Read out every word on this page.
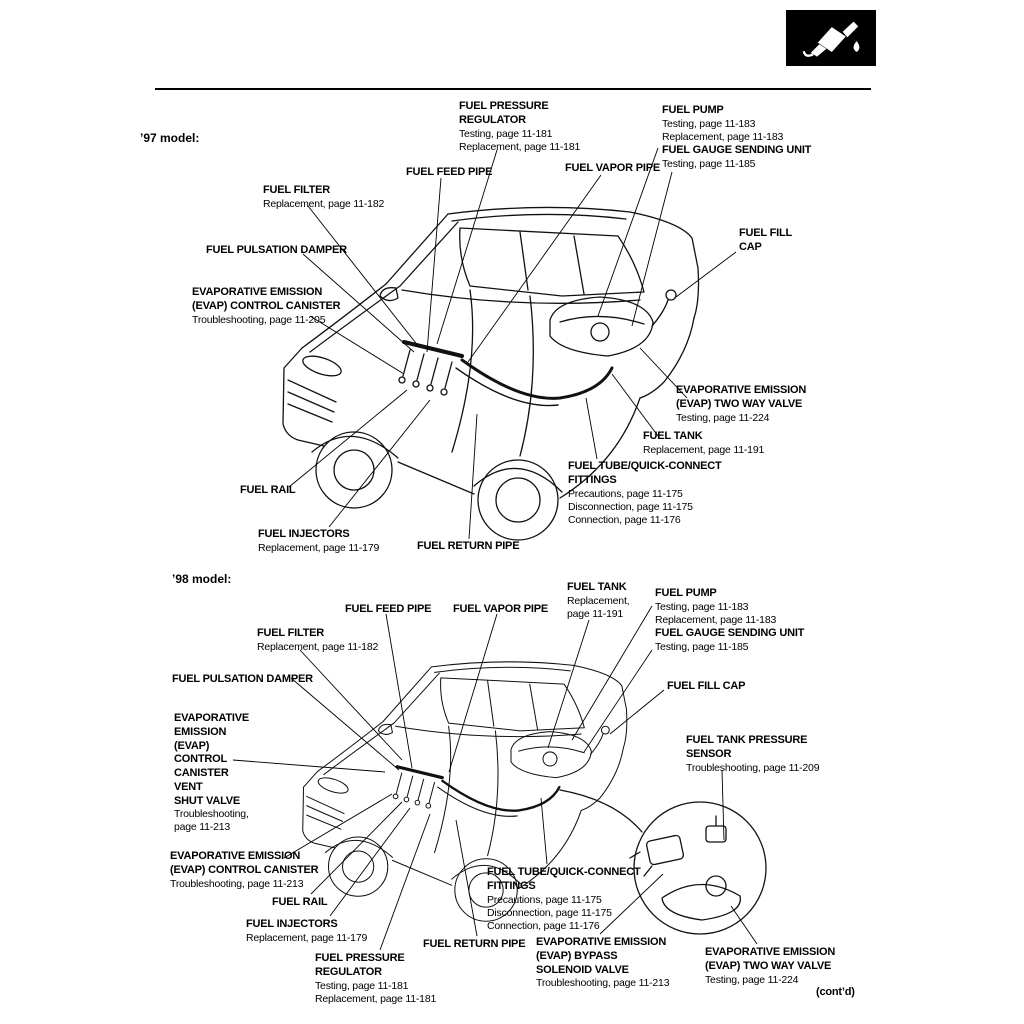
’97 model:
FUEL PRESSURE
REGULATOR
Testing, page 11-181
Replacement, page 11-181
FUEL PUMP
Testing, page 11-183
Replacement, page 11-183
FUEL GAUGE SENDING UNIT
Testing, page 11-185
FUEL FEED PIPE	FUEL VAPOR PIPE
FUEL FILTER
Replacement, page 11-182
FUEL FILL
CAP
FUEL PULSATION DAMPER
EVAPORATIVE EMISSION
(EVAP) CONTROL CANISTER
Troubleshooting, page 11-205
EVAPORATIVE EMISSION
(EVAP) TWO WAY VALVE
Testing, page 11-224
FUEL TANK
Replacement, page 11-191
FUEL TUBE/QUICK-CONNECT
FITTINGS
Precautions, page 11-175
Disconnection, page 11-175
Connection, page 11-176
FUEL RAIL
FUEL INJECTORS
Replacement, page 11-179	FUEL RETURN PIPE
’98 model:
FUEL TANK
Replacement,
page 11-191
FUEL PUMP
Testing, page 11-183
Replacement, page 11-183
FUEL GAUGE SENDING UNIT
Testing, page 11-185
FUEL FEED PIPE FUEL VAPOR PIPE
FUEL FILTER
Replacement, page 11-182
FUEL PULSATION DAMPER
FUEL FILL CAP
EVAPORATIVE
EMISSION
(EVAP)
CONTROL
CANISTER
VENT
SHUT VALVE
Troubleshooting,
page 11-213
FUEL TANK PRESSURE
SENSOR
Troubleshooting, page 11-209
EVAPORATIVE EMISSION
(EVAP) CONTROL CANISTER
Troubleshooting, page 11-213
FUEL RAIL
FUEL INJECTORS
Replacement, page 11-179
FUEL PRESSURE
REGULATOR
Testing, page 11-181
Replacement, page 11-181
FUEL RETURN PIPE
FUEL TUBE/QUICK-CONNECT
FITTINGS
Precautions, page 11-175
Disconnection, page 11-175
Connection, page 11-176
EVAPORATIVE EMISSION
(EVAP) BYPASS
SOLENOID VALVE
Troubleshooting, page 11-213
EVAPORATIVE EMISSION
(EVAP) TWO WAY VALVE
Testing, page 11-224
(cont’d)
